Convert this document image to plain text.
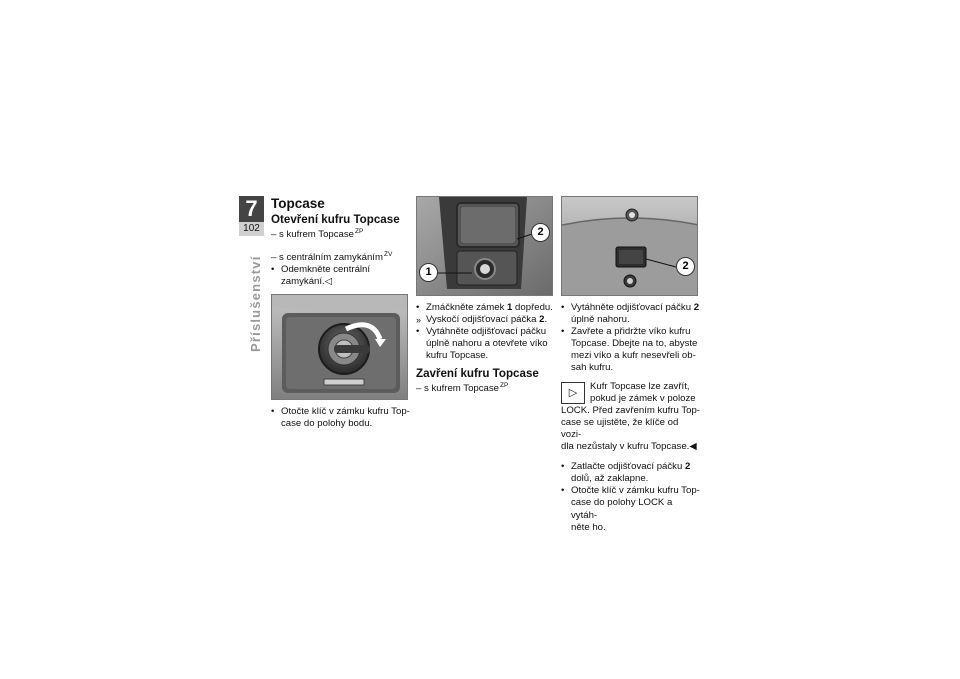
7
102
Příslušenství
Topcase
Otevření kufru Topcase
– s kufrem Topcase$^{ZP}$
– s centrálním zamykáním$^{ZV}$
• Odemkněte centrální
zamykání.◁
• Otočte klíč v zámku kufru Top-
case do polohy bodu.
1
2
• Zmáčkněte zámek 1 dopředu.
» Vyskočí odjišťovací páčka 2.
• Vytáhněte odjišťovací páčku
úplně nahoru a otevřete víko
kufru Topcase.
Zavření kufru Topcase
– s kufrem Topcase$^{ZP}$
2
• Vytáhněte odjišťovací páčku 2
úplně nahoru.
• Zavřete a přidržte víko kufru
Topcase. Dbejte na to, abyste
mezi víko a kufr nesevřeli ob-
sah kufru.
▷
Kufr Topcase lze zavřít,
pokud je zámek v poloze
LOCK. Před zavřením kufru Top-
case se ujistěte, že klíče od vozi-
dla nezůstaly v kufru Topcase.◀
• Zatlačte odjišťovací páčku 2
dolů, až zaklapne.
• Otočte klíč v zámku kufru Top-
case do polohy LOCK a vytáh-
něte ho.
